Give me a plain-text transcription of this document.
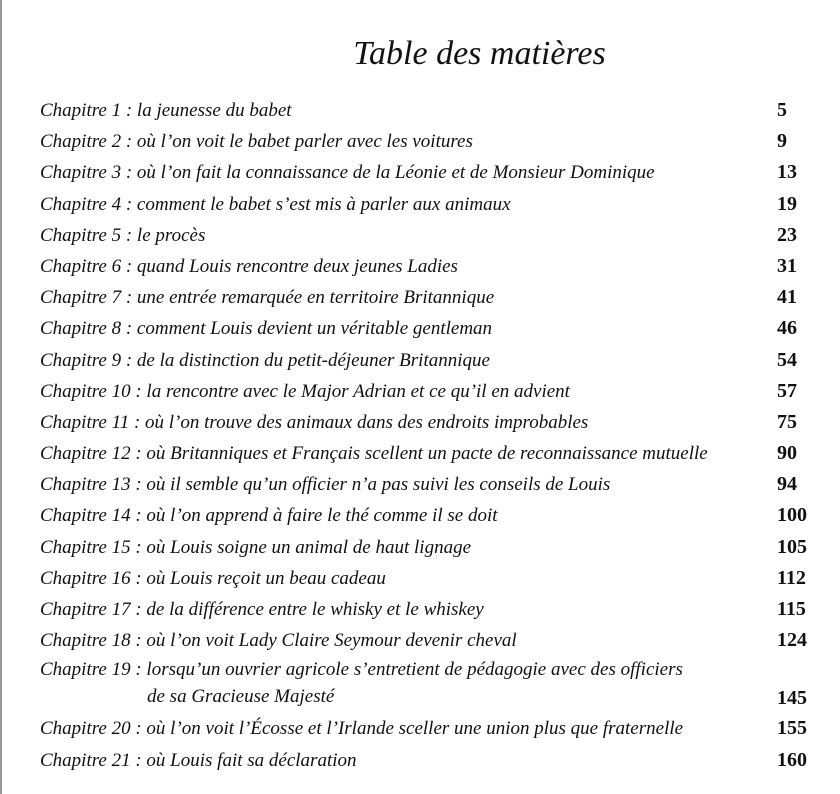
Table des matières
Chapitre 1 : la jeunesse du babet	5
Chapitre 2 : où l’on voit le babet parler avec les voitures	9
Chapitre 3 : où l’on fait la connaissance de la Léonie et de Monsieur Dominique	13
Chapitre 4 : comment le babet s’est mis à parler aux animaux	19
Chapitre 5 : le procès	23
Chapitre 6 : quand Louis rencontre deux jeunes Ladies	31
Chapitre 7 : une entrée remarquée en territoire Britannique	41
Chapitre 8 : comment Louis devient un véritable gentleman	46
Chapitre 9 : de la distinction du petit-déjeuner Britannique	54
Chapitre 10 : la rencontre avec le Major Adrian et ce qu’il en advient	57
Chapitre 11 : où l’on trouve des animaux dans des endroits improbables	75
Chapitre 12 : où Britanniques et Français scellent un pacte de reconnaissance mutuelle	90
Chapitre 13 : où il semble qu’un officier n’a pas suivi les conseils de Louis	94
Chapitre 14 : où l’on apprend à faire le thé comme il se doit	100
Chapitre 15 : où Louis soigne un animal de haut lignage	105
Chapitre 16 : où Louis reçoit un beau cadeau	112
Chapitre 17 : de la différence entre le whisky et le whiskey	115
Chapitre 18 : où l’on voit Lady Claire Seymour devenir cheval	124
Chapitre 19 : lorsqu’un ouvrier agricole s’entretient de pédagogie avec des officiers
de sa Gracieuse Majesté	145
Chapitre 20 : où l’on voit l’Écosse et l’Irlande sceller une union plus que fraternelle	155
Chapitre 21 : où Louis fait sa déclaration	160
